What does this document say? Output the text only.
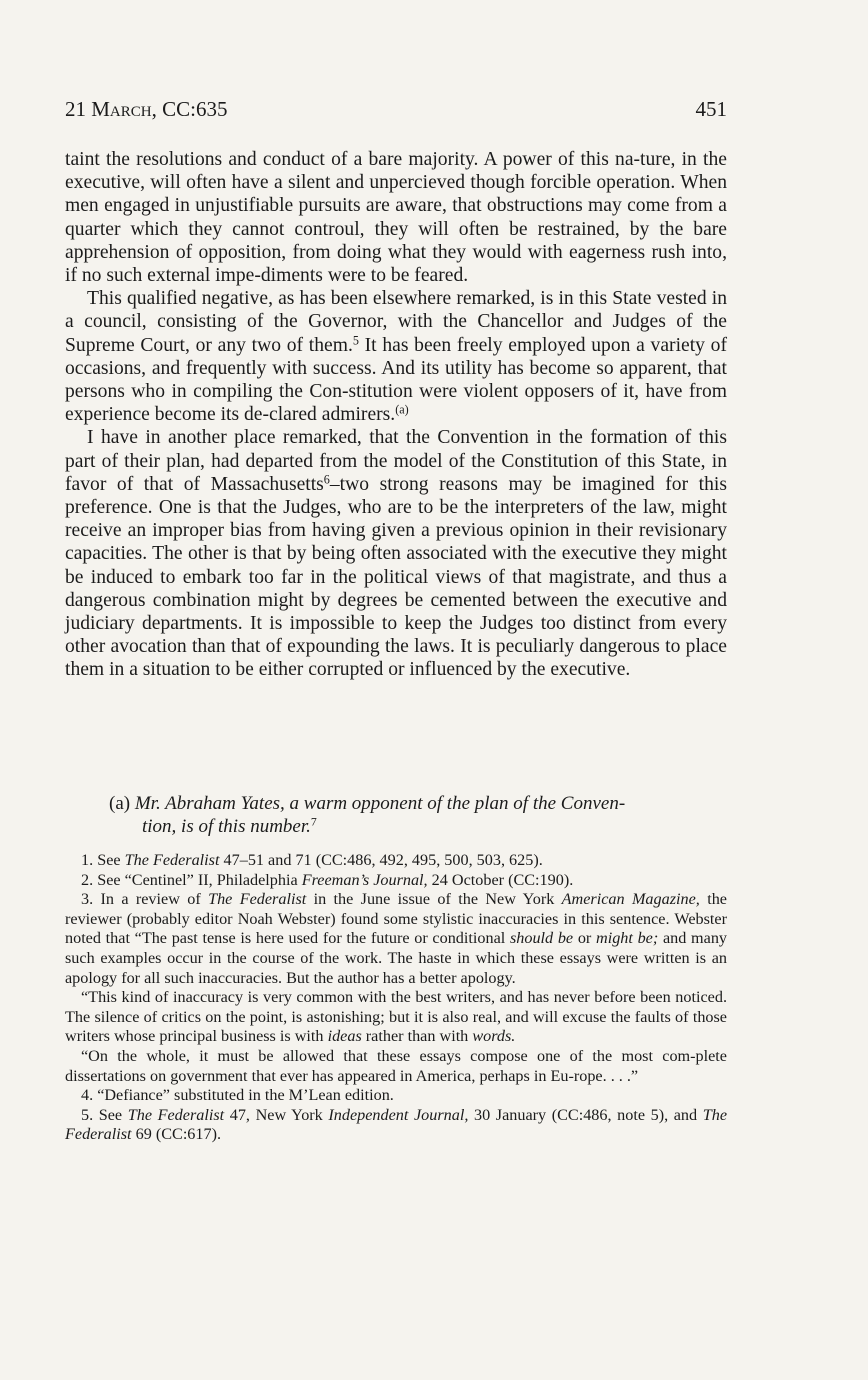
21 March, CC:635	451

taint the resolutions and conduct of a bare majority. A power of this na-ture, in the executive, will often have a silent and unpercieved though forcible operation. When men engaged in unjustifiable pursuits are aware, that obstructions may come from a quarter which they cannot controul, they will often be restrained, by the bare apprehension of opposition, from doing what they would with eagerness rush into, if no such external impe-diments were to be feared.

This qualified negative, as has been elsewhere remarked, is in this State vested in a council, consisting of the Governor, with the Chancellor and Judges of the Supreme Court, or any two of them.$^5$ It has been freely employed upon a variety of occasions, and frequently with success. And its utility has become so apparent, that persons who in compiling the Con-stitution were violent opposers of it, have from experience become its de-clared admirers.$^{(a)}$

I have in another place remarked, that the Convention in the formation of this part of their plan, had departed from the model of the Constitution of this State, in favor of that of Massachusetts$^6$–two strong reasons may be imagined for this preference. One is that the Judges, who are to be the interpreters of the law, might receive an improper bias from having given a previous opinion in their revisionary capacities. The other is that by being often associated with the executive they might be induced to embark too far in the political views of that magistrate, and thus a dangerous combination might by degrees be cemented between the executive and judiciary departments. It is impossible to keep the Judges too distinct from every other avocation than that of expounding the laws. It is peculiarly dangerous to place them in a situation to be either corrupted or influenced by the executive.

(a) Mr. Abraham Yates, a warm opponent of the plan of the Conven-

tion, is of this number.$^7$

1. See The Federalist 47–51 and 71 (CC:486, 492, 495, 500, 503, 625).

2. See “Centinel” II, Philadelphia Freeman’s Journal, 24 October (CC:190).

3. In a review of The Federalist in the June issue of the New York American Magazine, the reviewer (probably editor Noah Webster) found some stylistic inaccuracies in this sentence. Webster noted that “The past tense is here used for the future or conditional should be or might be; and many such examples occur in the course of the work. The haste in which these essays were written is an apology for all such inaccuracies. But the author has a better apology.

“This kind of inaccuracy is very common with the best writers, and has never before been noticed. The silence of critics on the point, is astonishing; but it is also real, and will excuse the faults of those writers whose principal business is with ideas rather than with words.

“On the whole, it must be allowed that these essays compose one of the most com-plete dissertations on government that ever has appeared in America, perhaps in Eu-rope. . . .”

4. “Defiance” substituted in the M’Lean edition.

5. See The Federalist 47, New York Independent Journal, 30 January (CC:486, note 5), and The Federalist 69 (CC:617).
